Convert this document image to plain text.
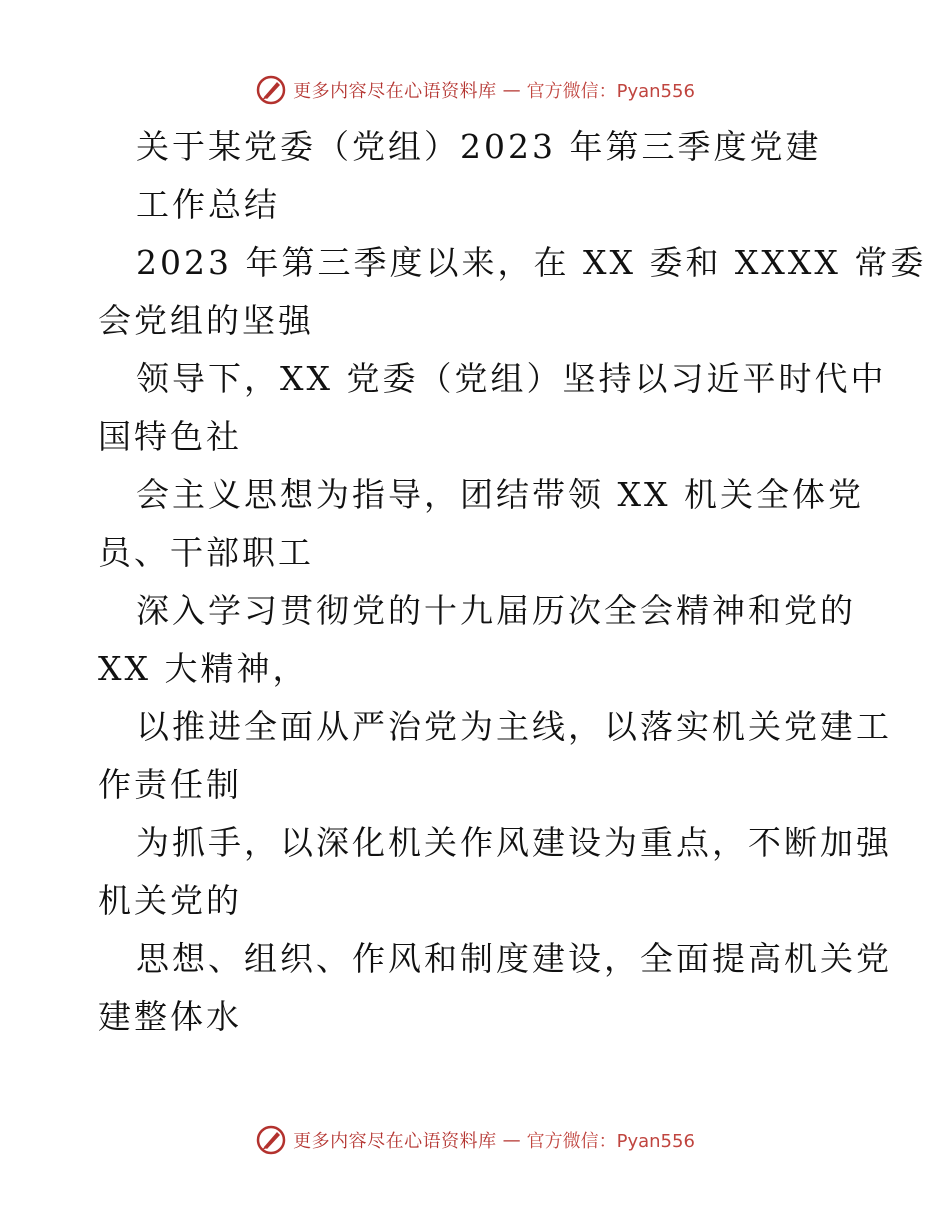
更多内容尽在心语资料库 — 官方微信：Pyan556
关于某党委（党组）2023 年第三季度党建
工作总结
2023 年第三季度以来，在 XX 委和 XXXX 常委
会党组的坚强
领导下，XX 党委（党组）坚持以习近平时代中
国特色社
会主义思想为指导，团结带领 XX 机关全体党
员、干部职工
深入学习贯彻党的十九届历次全会精神和党的
XX 大精神，
以推进全面从严治党为主线，以落实机关党建工
作责任制
为抓手，以深化机关作风建设为重点，不断加强
机关党的
思想、组织、作风和制度建设，全面提高机关党
建整体水
更多内容尽在心语资料库 — 官方微信：Pyan556
